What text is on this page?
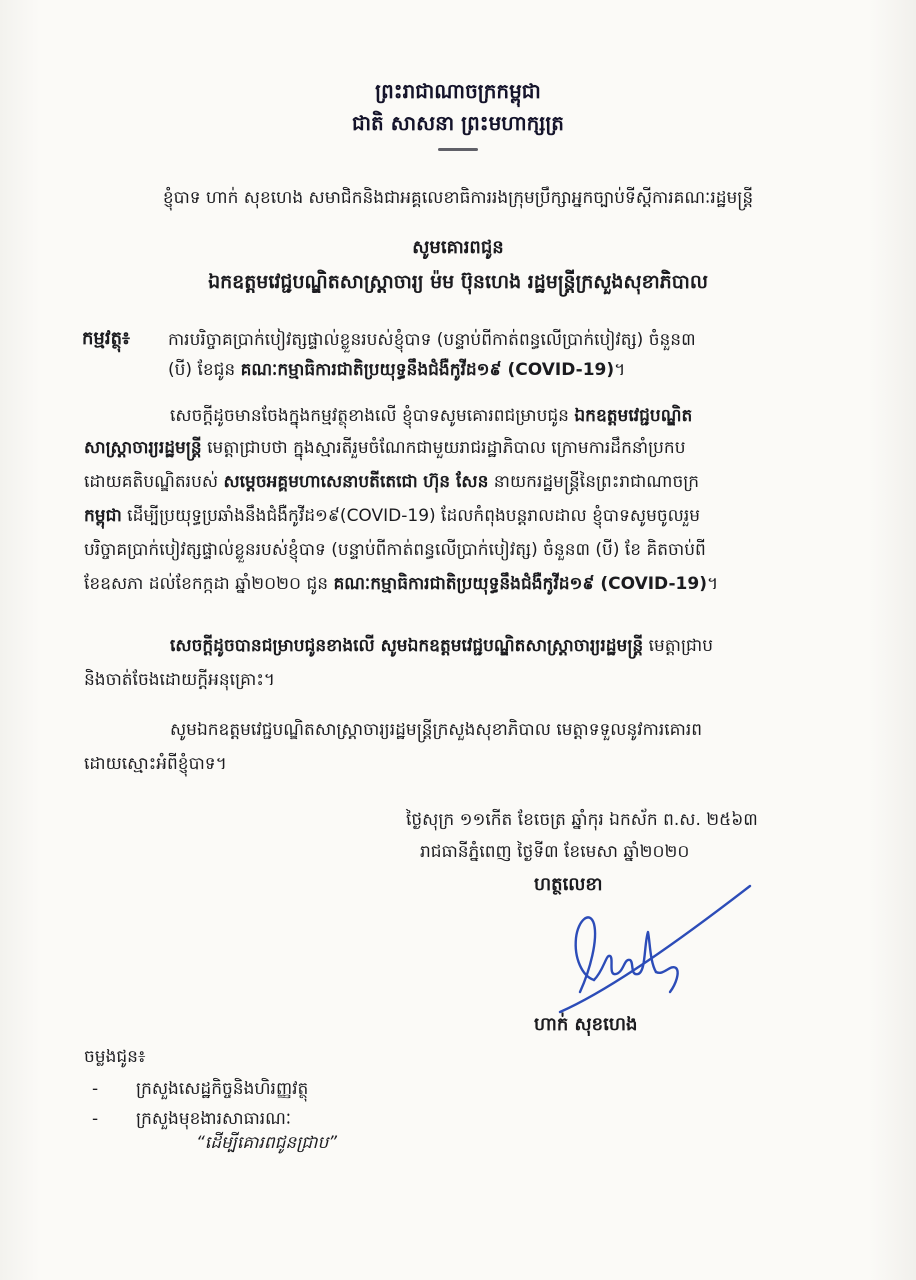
ព្រះរាជាណាចក្រកម្ពុជា
ជាតិ សាសនា ព្រះមហាក្សត្រ
ខ្ញុំបាទ ហាក់ សុខហេង សមាជិកនិងជាអគ្គលេខាធិការរងក្រុមប្រឹក្សាអ្នកច្បាប់ទីស្ដីការគណៈរដ្ឋមន្ត្រី
សូមគោរពជូន
ឯកឧត្ដមវេជ្ជបណ្ឌិតសាស្ត្រាចារ្យ ម៉ម ប៊ុនហេង រដ្ឋមន្ត្រីក្រសួងសុខាភិបាល
កម្មវត្ថុ៖ ការបរិច្ចាគប្រាក់បៀវត្សផ្ទាល់ខ្លួនរបស់ខ្ញុំបាទ (បន្ទាប់ពីកាត់ពន្ធលើប្រាក់បៀវត្ស) ចំនួន៣
(បី) ខែជូន គណៈកម្មាធិការជាតិប្រយុទ្ធនឹងជំងឺកូវីដ១៩ (COVID-19)។
សេចក្ដីដូចមានចែងក្នុងកម្មវត្ថុខាងលើ ខ្ញុំបាទសូមគោរពជម្រាបជូន ឯកឧត្ដមវេជ្ជបណ្ឌិត
សាស្ត្រាចារ្យរដ្ឋមន្ត្រី មេត្តាជ្រាបថា ក្នុងស្មារតីរួមចំណែកជាមួយរាជរដ្ឋាភិបាល ក្រោមការដឹកនាំប្រកប
ដោយគតិបណ្ឌិតរបស់ សម្ដេចអគ្គមហាសេនាបតីតេជោ ហ៊ុន សែន នាយករដ្ឋមន្ត្រីនៃព្រះរាជាណាចក្រ
កម្ពុជា ដើម្បីប្រយុទ្ធប្រឆាំងនឹងជំងឺកូវីដ១៩(COVID-19) ដែលកំពុងបន្ដរាលដាល ខ្ញុំបាទសូមចូលរួម
បរិច្ចាគប្រាក់បៀវត្សផ្ទាល់ខ្លួនរបស់ខ្ញុំបាទ (បន្ទាប់ពីកាត់ពន្ធលើប្រាក់បៀវត្ស) ចំនួន៣ (បី) ខែ គិតចាប់ពី
ខែឧសភា ដល់ខែកក្កដា ឆ្នាំ២០២០ ជូន គណៈកម្មាធិការជាតិប្រយុទ្ធនឹងជំងឺកូវីដ១៩ (COVID-19)។
សេចក្ដីដូចបានជម្រាបជូនខាងលើ សូមឯកឧត្ដមវេជ្ជបណ្ឌិតសាស្ត្រាចារ្យរដ្ឋមន្ត្រី មេត្តាជ្រាប
និងចាត់ចែងដោយក្ដីអនុគ្រោះ។
សូមឯកឧត្ដមវេជ្ជបណ្ឌិតសាស្ត្រាចារ្យរដ្ឋមន្ត្រីក្រសួងសុខាភិបាល មេត្តាទទួលនូវការគោរព
ដោយស្មោះអំពីខ្ញុំបាទ។
ថ្ងៃសុក្រ ១១កើត ខែចេត្រ ឆ្នាំកុរ ឯកស័ក ព.ស. ២៥៦៣
រាជធានីភ្នំពេញ ថ្ងៃទី៣ ខែមេសា ឆ្នាំ២០២០
ហត្ថលេខា
ហាក់ សុខហេង
ចម្លងជូន៖
- ក្រសួងសេដ្ឋកិច្ចនិងហិរញ្ញវត្ថុ
- ក្រសួងមុខងារសាធារណៈ
“ដើម្បីគោរពជូនជ្រាប”
